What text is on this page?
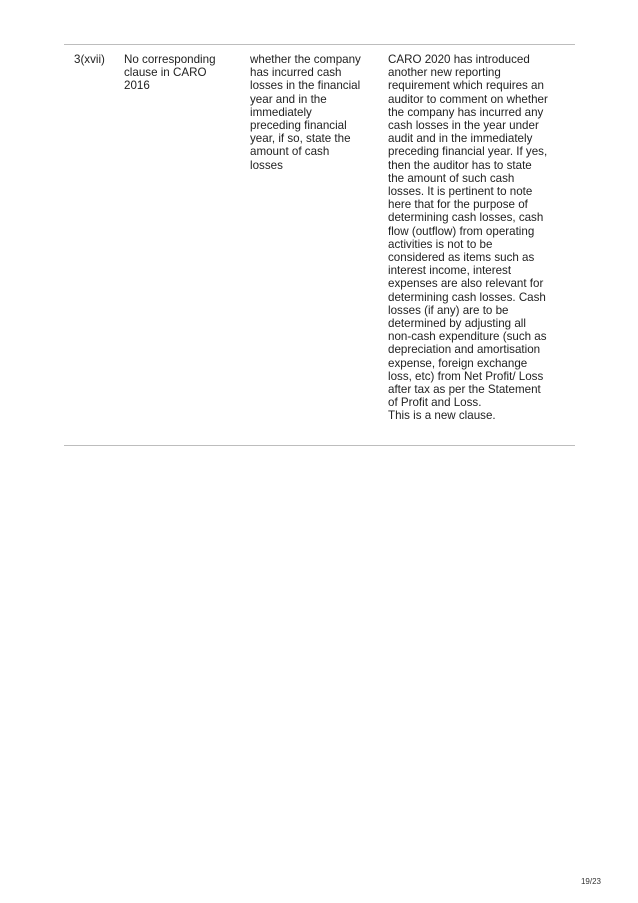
3(xvii)	No corresponding
clause in CARO
2016
whether the company
has incurred cash
losses in the financial
year and in the
immediately
preceding financial
year, if so, state the
amount of cash
losses
CARO 2020 has introduced
another new reporting
requirement which requires an
auditor to comment on whether
the company has incurred any
cash losses in the year under
audit and in the immediately
preceding financial year. If yes,
then the auditor has to state
the amount of such cash
losses. It is pertinent to note
here that for the purpose of
determining cash losses, cash
flow (outflow) from operating
activities is not to be
considered as items such as
interest income, interest
expenses are also relevant for
determining cash losses. Cash
losses (if any) are to be
determined by adjusting all
non-cash expenditure (such as
depreciation and amortisation
expense, foreign exchange
loss, etc) from Net Profit/ Loss
after tax as per the Statement
of Profit and Loss.
This is a new clause.
19/23
